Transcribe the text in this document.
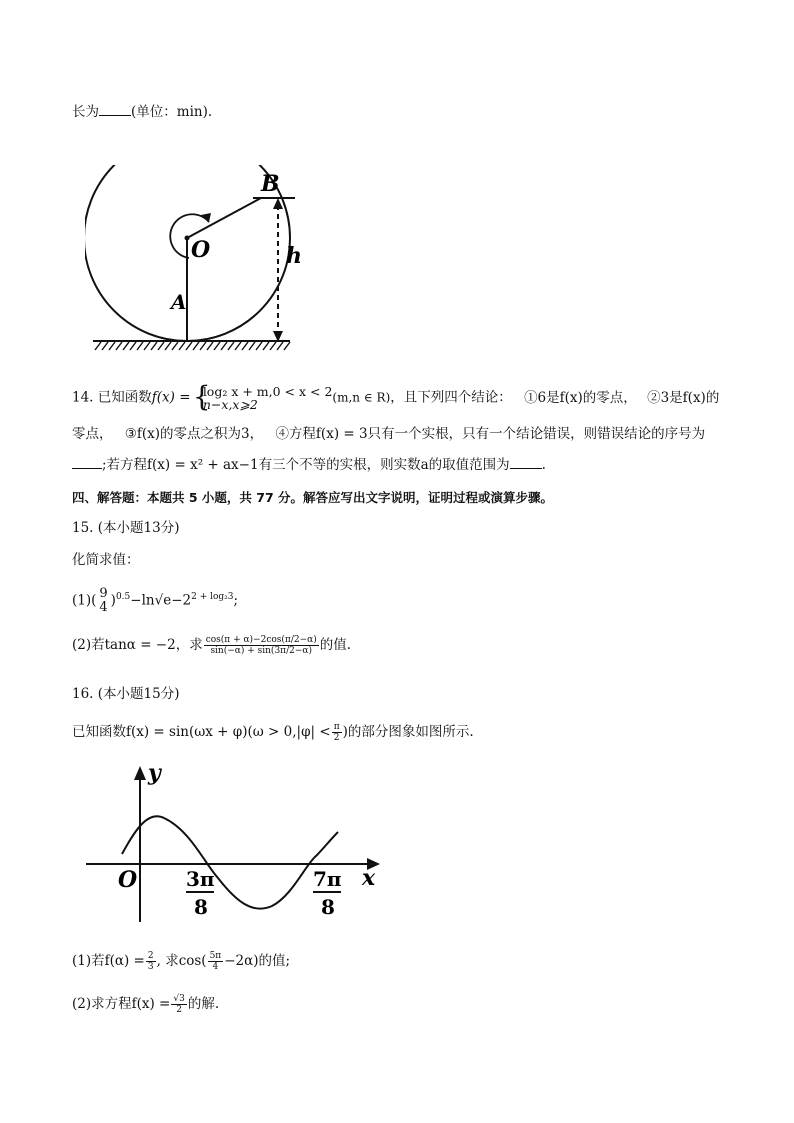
长为 (单位：min).
B
O
A
h
14. 已知函数f(x) = { log₂ x + m,0 < x < 2
n−x,x⩾2	(m,n ∈ R)，且下列四个结论： ①6是f(x)的零点， ②3是f(x)的
零点， ③f(x)的零点之积为3， ④方程f(x) = 3只有一个实根，只有一个结论错误，则错误结论的序号为
;若方程f(x) = x² + ax−1有三个不等的实根，则实数a的取值范围为 .
四、解答题：本题共 5 小题，共 77 分。解答应写出文字说明，证明过程或演算步骤。
15. (本小题13分)
化简求值：
(1)( 9
4 )$^{0.5}-\ln√e-2^{2 + log_23}$;
(2)若tanα = −2，求 $\frac{\cos(\pi + \alpha)-2\cos(\pi/2-\alpha)}{\sin(-\alpha) + \sin(3\pi/2-\alpha)}$ 的值.
16. (本小题15分)
已知函数$f(x) = \sin(\omega x + \varphi)(\omega > 0,|\varphi| < \frac{\pi}{2}$ )的部分图象如图所示.
y
x
O 3π
8
7π
8
(1)若$f(\alpha) = \frac{2}{3}$ , 求$\cos( \frac{5\pi}{4} -2\alpha)$的值;
(2)求方程$f(x) = \frac{√3}{2}$ 的解.
